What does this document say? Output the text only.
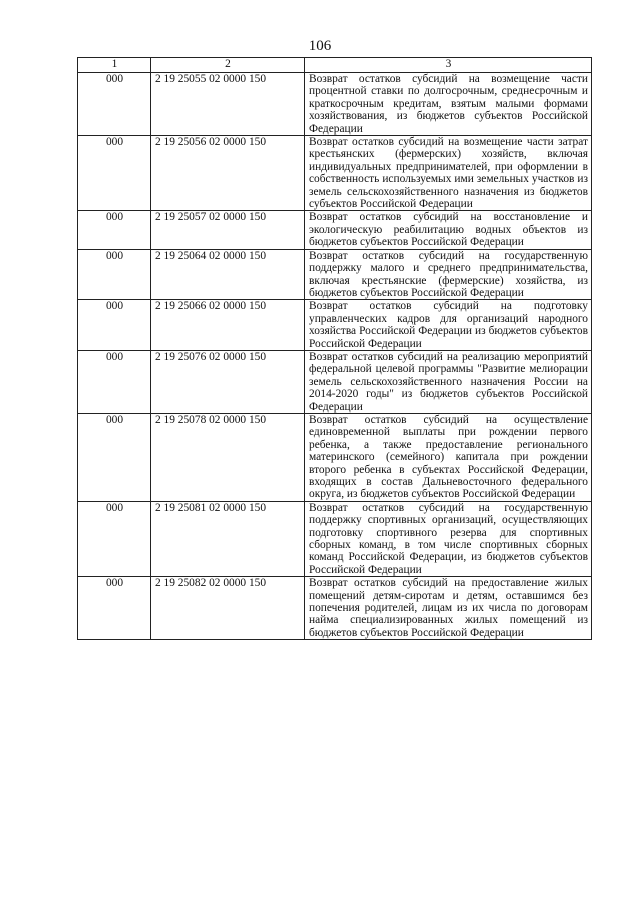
106
1	2	3
000	2 19 25055 02 0000 150	Возврат остатков субсидий на возмещение части процентной ставки по долгосрочным, среднесрочным и краткосрочным кредитам, взятым малыми формами хозяйствования, из бюджетов субъектов Российской Федерации
000	2 19 25056 02 0000 150	Возврат остатков субсидий на возмещение части затрат крестьянских (фермерских) хозяйств, включая индивидуальных предпринимателей, при оформлении в собственность используемых ими земельных участков из земель сельскохозяйственного назначения из бюджетов субъектов Российской Федерации
000	2 19 25057 02 0000 150	Возврат остатков субсидий на восстановление и экологическую реабилитацию водных объектов из бюджетов субъектов Российской Федерации
000	2 19 25064 02 0000 150	Возврат остатков субсидий на государственную поддержку малого и среднего предпринимательства, включая крестьянские (фермерские) хозяйства, из бюджетов субъектов Российской Федерации
000	2 19 25066 02 0000 150	Возврат остатков субсидий на подготовку управленческих кадров для организаций народного хозяйства Российской Федерации из бюджетов субъектов Российской Федерации
000	2 19 25076 02 0000 150	Возврат остатков субсидий на реализацию мероприятий федеральной целевой программы "Развитие мелиорации земель сельскохозяйственного назначения России на 2014-2020 годы" из бюджетов субъектов Российской Федерации
000	2 19 25078 02 0000 150	Возврат остатков субсидий на осуществление единовременной выплаты при рождении первого ребенка, а также предоставление регионального материнского (семейного) капитала при рождении второго ребенка в субъектах Российской Федерации, входящих в состав Дальневосточного федерального округа, из бюджетов субъектов Российской Федерации
000	2 19 25081 02 0000 150	Возврат остатков субсидий на государственную поддержку спортивных организаций, осуществляющих подготовку спортивного резерва для спортивных сборных команд, в том числе спортивных сборных команд Российской Федерации, из бюджетов субъектов Российской Федерации
000	2 19 25082 02 0000 150	Возврат остатков субсидий на предоставление жилых помещений детям-сиротам и детям, оставшимся без попечения родителей, лицам из их числа по договорам найма специализированных жилых помещений из бюджетов субъектов Российской Федерации
